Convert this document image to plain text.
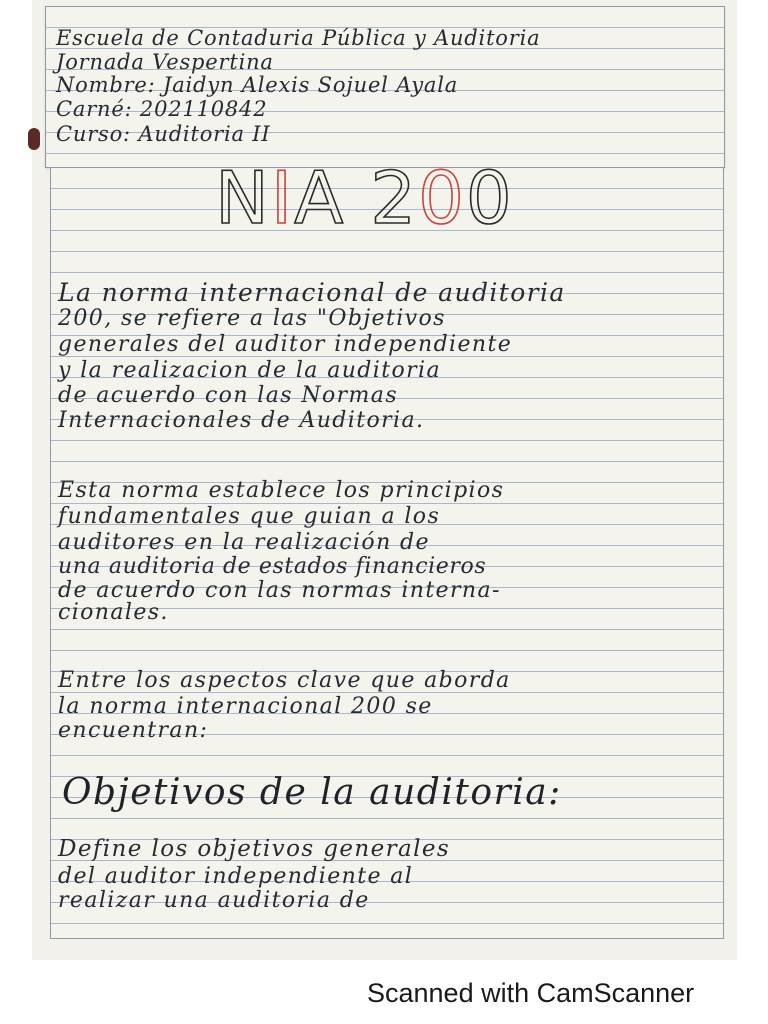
Escuela de Contaduria Pública y Auditoria
Jornada Vespertina
Nombre: Jaidyn Alexis Sojuel Ayala
Carné: 202110842
Curso: Auditoria II
NIA 200
La norma internacional de auditoria
200, se refiere a las "Objetivos
generales del auditor independiente
y la realizacion de la auditoria
de acuerdo con las Normas
Internacionales de Auditoria.
Esta norma establece los principios
fundamentales que guian a los
auditores en la realización de
una auditoria de estados financieros
de acuerdo con las normas interna-
cionales.
Entre los aspectos clave que aborda
la norma internacional 200 se
encuentran:
Objetivos de la auditoria:
Define los objetivos generales
del auditor independiente al
realizar una auditoria de
Scanned with CamScanner
